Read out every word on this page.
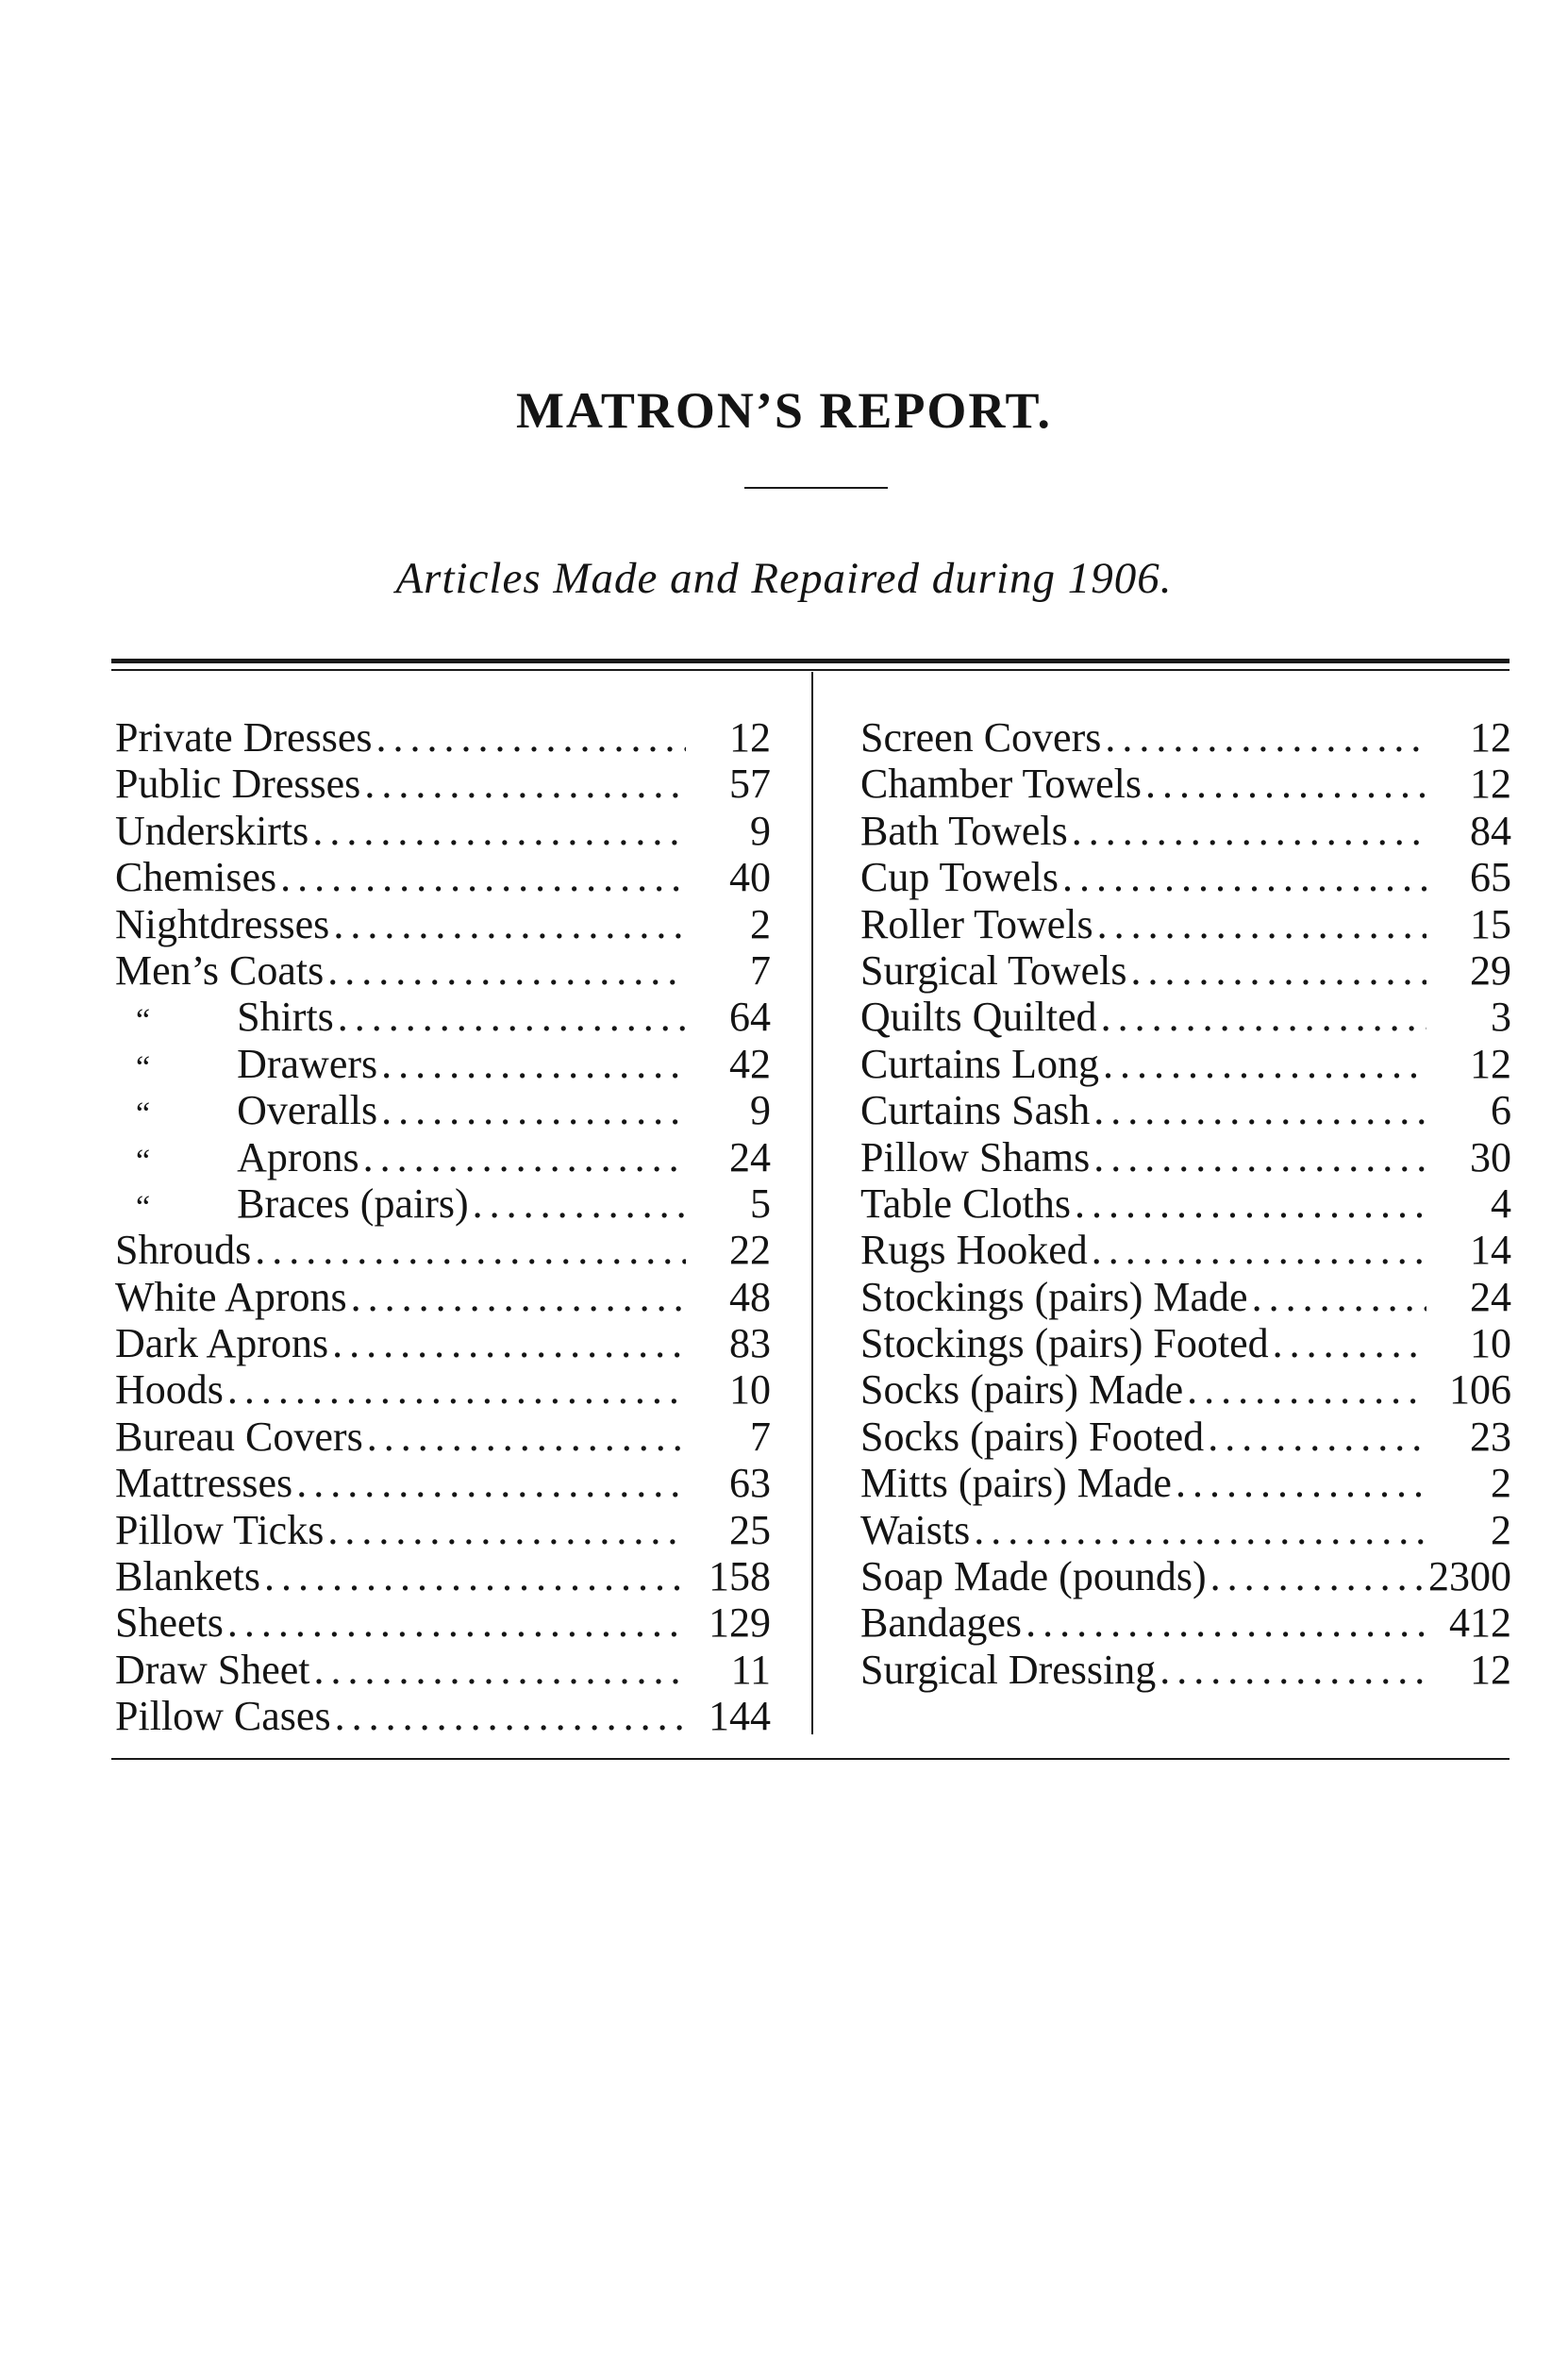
MATRON’S REPORT.
Articles Made and Repaired during 1906.
Private Dresses .....	12
Public Dresses .....	57
Underskirts .....	9
Chemises .....	40
Nightdresses .....	2
Men’s Coats .....	7
“	Shirts .....	64
“	Drawers .....	42
“	Overalls .....	9
“	Aprons .....	24
“	Braces (pairs) .....	5
Shrouds .....	22
White Aprons .....	48
Dark Aprons .....	83
Hoods .....	10
Bureau Covers .....	7
Mattresses .....	63
Pillow Ticks .....	25
Blankets .....	158
Sheets .....	129
Draw Sheet .....	11
Pillow Cases .....	144
Screen Covers .....	12
Chamber Towels .....	12
Bath Towels .....	84
Cup Towels .....	65
Roller Towels .....	15
Surgical Towels .....	29
Quilts Quilted .....	3
Curtains Long .....	12
Curtains Sash .....	6
Pillow Shams .....	30
Table Cloths .....	4
Rugs Hooked .....	14
Stockings (pairs) Made .....	24
Stockings (pairs) Footed .....	10
Socks (pairs) Made .....	106
Socks (pairs) Footed .....	23
Mitts (pairs) Made .....	2
Waists .....	2
Soap Made (pounds) .....	2300
Bandages .....	412
Surgical Dressing .....	12
